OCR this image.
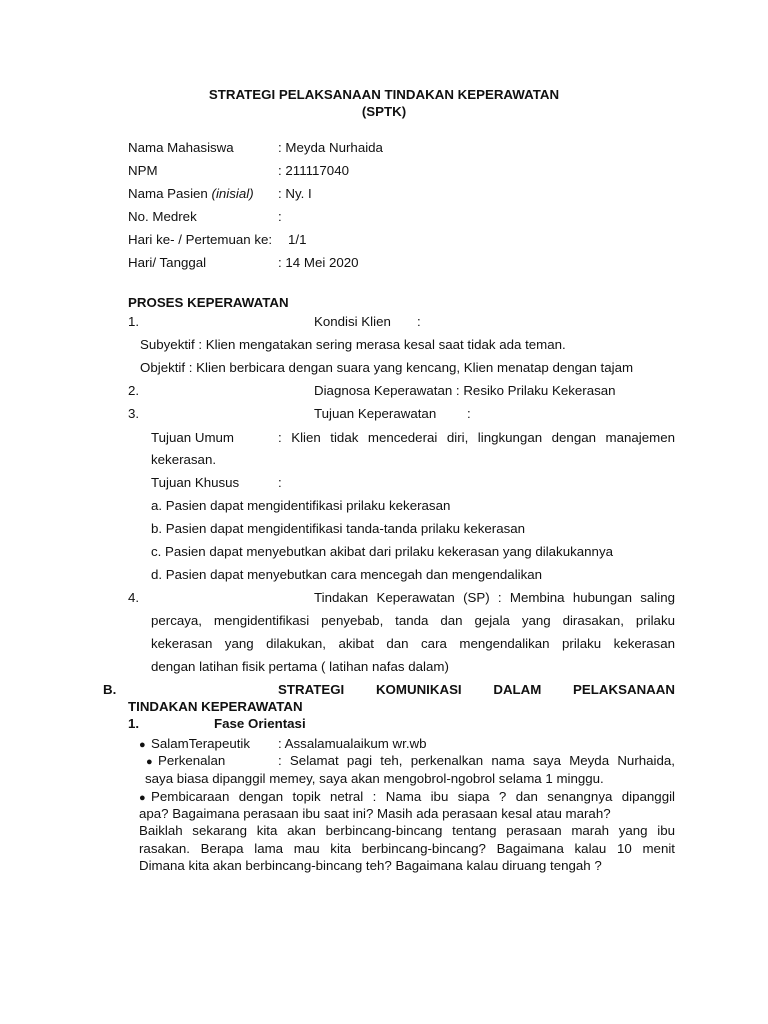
STRATEGI PELAKSANAAN TINDAKAN KEPERAWATAN
(SPTK)
Nama Mahasiswa	: Meyda Nurhaida
NPM	: 211117040
Nama Pasien (inisial) : Ny. I
No. Medrek	:
Hari ke- / Pertemuan ke: 1/1
Hari/ Tanggal	: 14 Mei 2020
PROSES KEPERAWATAN
1.	Kondisi Klien :
Subyektif : Klien mengatakan sering merasa kesal saat tidak ada teman.
Objektif : Klien berbicara dengan suara yang kencang, Klien menatap dengan tajam
2.	Diagnosa Keperawatan : Resiko Prilaku Kekerasan
3.	Tujuan Keperawatan :
Tujuan Umum	: Klien tidak mencederai diri, lingkungan dengan manajemen
kekerasan.
Tujuan Khusus	:
a. Pasien dapat mengidentifikasi prilaku kekerasan
b. Pasien dapat mengidentifikasi tanda-tanda prilaku kekerasan
c. Pasien dapat menyebutkan akibat dari prilaku kekerasan yang dilakukannya
d. Pasien dapat menyebutkan cara mencegah dan mengendalikan
4.	Tindakan Keperawatan (SP) : Membina hubungan saling
percaya, mengidentifikasi penyebab, tanda dan gejala yang dirasakan, prilaku
kekerasan yang dilakukan, akibat dan cara mengendalikan prilaku kekerasan
dengan latihan fisik pertama ( latihan nafas dalam)
B.	STRATEGI KOMUNIKASI DALAM PELAKSANAAN
TINDAKAN KEPERAWATAN
1.	Fase Orientasi
● SalamTerapeutik : Assalamualaikum wr.wb
● Perkenalan	: Selamat pagi teh, perkenalkan nama saya Meyda Nurhaida,
saya biasa dipanggil memey, saya akan mengobrol-ngobrol selama 1 minggu.
● Pembicaraan dengan topik netral : Nama ibu siapa ? dan senangnya dipanggil
apa? Bagaimana perasaan ibu saat ini? Masih ada perasaan kesal atau marah?
Baiklah sekarang kita akan berbincang-bincang tentang perasaan marah yang ibu
rasakan. Berapa lama mau kita berbincang-bincang? Bagaimana kalau 10 menit
Dimana kita akan berbincang-bincang teh? Bagaimana kalau diruang tengah ?
